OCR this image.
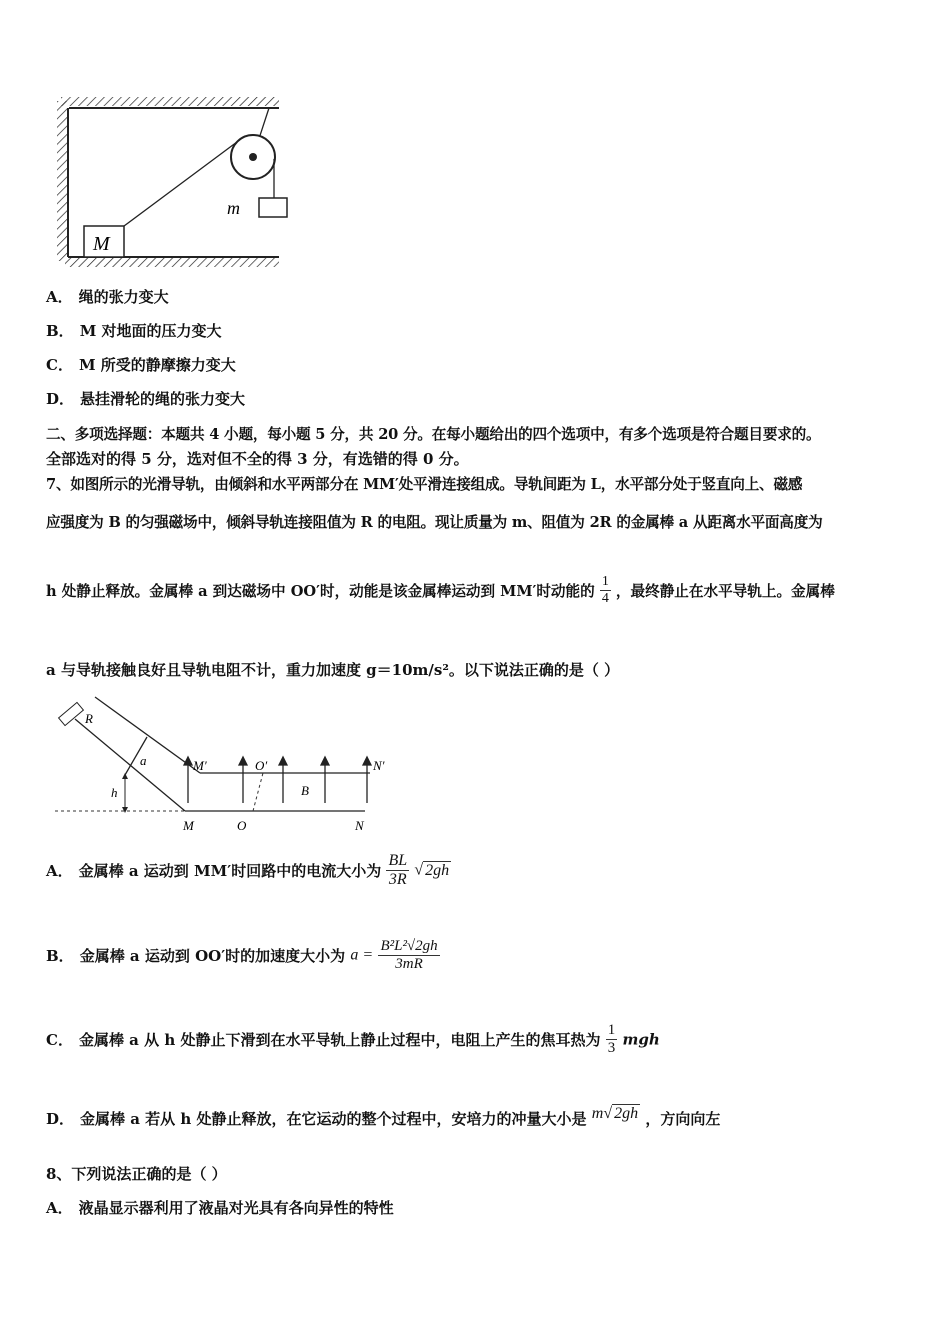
m
M
A． 绳的张力变大
B． M 对地面的压力变大
C． M 所受的静摩擦力变大
D． 悬挂滑轮的绳的张力变大
二、多项选择题：本题共 4 小题，每小题 5 分，共 20 分。在每小题给出的四个选项中，有多个选项是符合题目要求的。
全部选对的得 5 分，选对但不全的得 3 分，有选错的得 0 分。
7、如图所示的光滑导轨，由倾斜和水平两部分在 MM′处平滑连接组成。导轨间距为 L，水平部分处于竖直向上、磁感
应强度为 B 的匀强磁场中，倾斜导轨连接阻值为 R 的电阻。现让质量为 m、阻值为 2R 的金属棒 a 从距离水平面高度为
h 处静止释放。金属棒 a 到达磁场中 OO′时，动能是该金属棒运动到 MM′时动能的 $\frac{1}{4}$ ，最终静止在水平导轨上。金属棒
a 与导轨接触良好且导轨电阻不计，重力加速度 g＝10m/s²。以下说法正确的是（ ）
R
a
h
M′	O′
B
N′
M	O	N
A． 金属棒 a 运动到 MM′时回路中的电流大小为 $\frac{BL}{3R}$ √ 2gh
B． 金属棒 a 运动到 OO′时的加速度大小为 $a = \frac{\text{B²L²√2gh}}{3mR}$
C． 金属棒 a 从 h 处静止下滑到在水平导轨上静止过程中，电阻上产生的焦耳热为 $\frac{1}{3}$ mgh
D． 金属棒 a 若从 h 处静止释放，在它运动的整个过程中，安培力的冲量大小是 m√ 2gh ，方向向左
8、下列说法正确的是（ ）
A． 液晶显示器利用了液晶对光具有各向异性的特性
